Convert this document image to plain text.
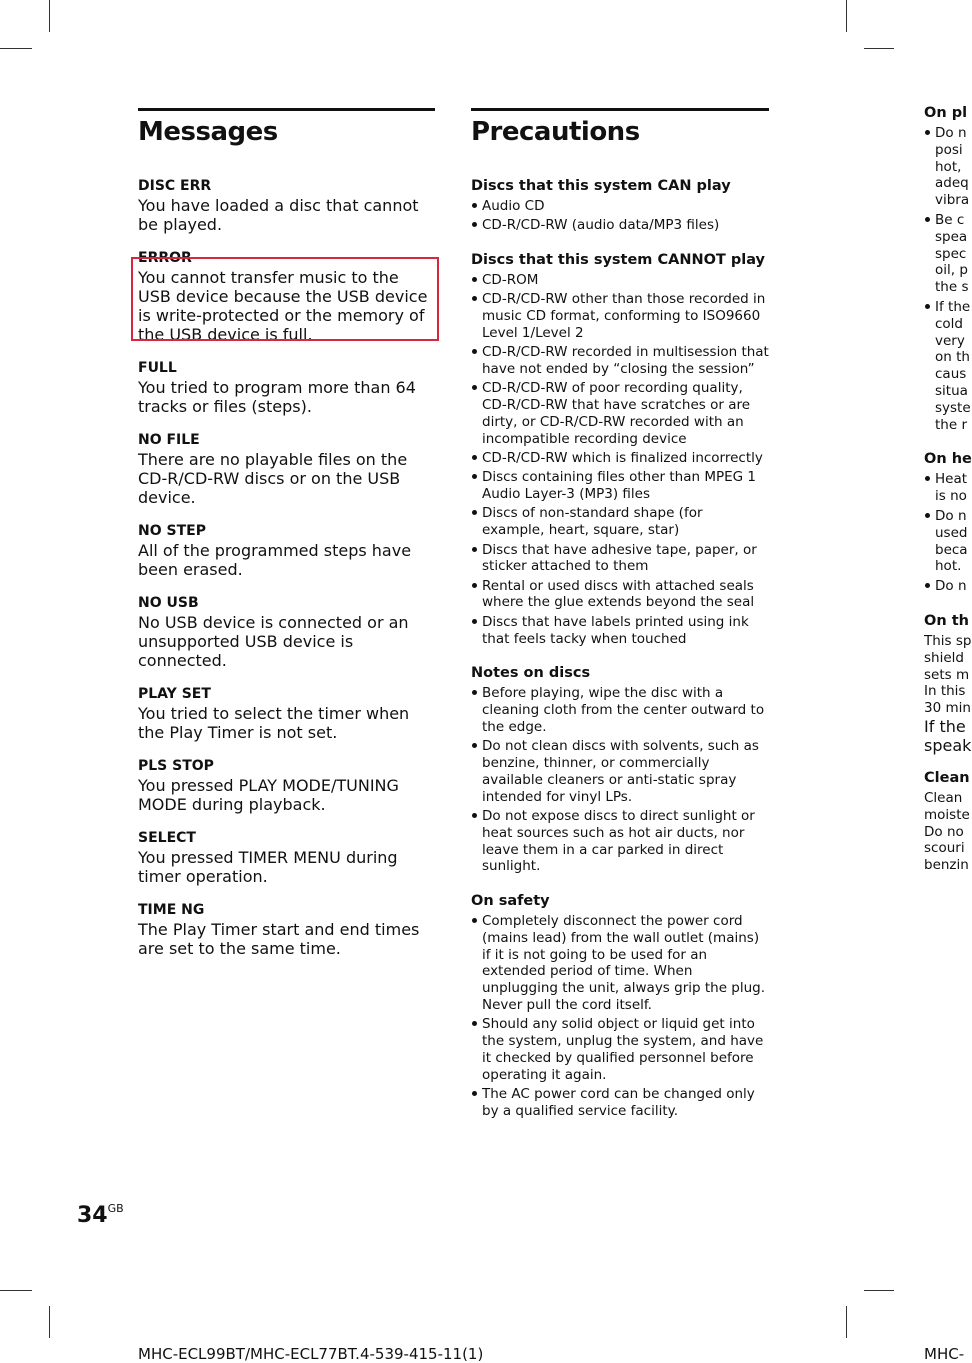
Messages
DISC ERR
You have loaded a disc that cannot be played.
ERROR
You cannot transfer music to the USB device because the USB device is write-protected or the memory of the USB device is full.
FULL
You tried to program more than 64 tracks or files (steps).
NO FILE
There are no playable files on the CD-R/CD-RW discs or on the USB device.
NO STEP
All of the programmed steps have been erased.
NO USB
No USB device is connected or an unsupported USB device is connected.
PLAY SET
You tried to select the timer when the Play Timer is not set.
PLS STOP
You pressed PLAY MODE/TUNING MODE during playback.
SELECT
You pressed TIMER MENU during timer operation.
TIME NG
The Play Timer start and end times are set to the same time.
Precautions
Discs that this system CAN play
Audio CD
CD-R/CD-RW (audio data/MP3 files)
Discs that this system CANNOT play
CD-ROM
CD-R/CD-RW other than those recorded in music CD format, conforming to ISO9660 Level 1/Level 2
CD-R/CD-RW recorded in multisession that have not ended by “closing the session”
CD-R/CD-RW of poor recording quality, CD-R/CD-RW that have scratches or are dirty, or CD-R/CD-RW recorded with an incompatible recording device
CD-R/CD-RW which is finalized incorrectly
Discs containing files other than MPEG 1 Audio Layer-3 (MP3) files
Discs of non-standard shape (for example, heart, square, star)
Discs that have adhesive tape, paper, or sticker attached to them
Rental or used discs with attached seals where the glue extends beyond the seal
Discs that have labels printed using ink that feels tacky when touched
Notes on discs
Before playing, wipe the disc with a cleaning cloth from the center outward to the edge.
Do not clean discs with solvents, such as benzine, thinner, or commercially available cleaners or anti-static spray intended for vinyl LPs.
Do not expose discs to direct sunlight or heat sources such as hot air ducts, nor leave them in a car parked in direct sunlight.
On safety
Completely disconnect the power cord (mains lead) from the wall outlet (mains) if it is not going to be used for an extended period of time. When unplugging the unit, always grip the plug. Never pull the cord itself.
Should any solid object or liquid get into the system, unplug the system, and have it checked by qualified personnel before operating it again.
The AC power cord can be changed only by a qualified service facility.
On pl
Do n
posi
hot,
adeq
vibra
Be c
spea
spec
oil, p
the s
If the
cold
very
on th
caus
situa
syste
the r
On he
Heat
is no
Do n
used
beca
hot.
Do n
On th
This sp
shield
sets m
In this
30 min
If the
speak
Clean
Clean
moiste
Do no
scouri
benzin
$34^{GB}$
MHC-ECL99BT/MHC-ECL77BT.4-539-415-11(1)	MHC-
